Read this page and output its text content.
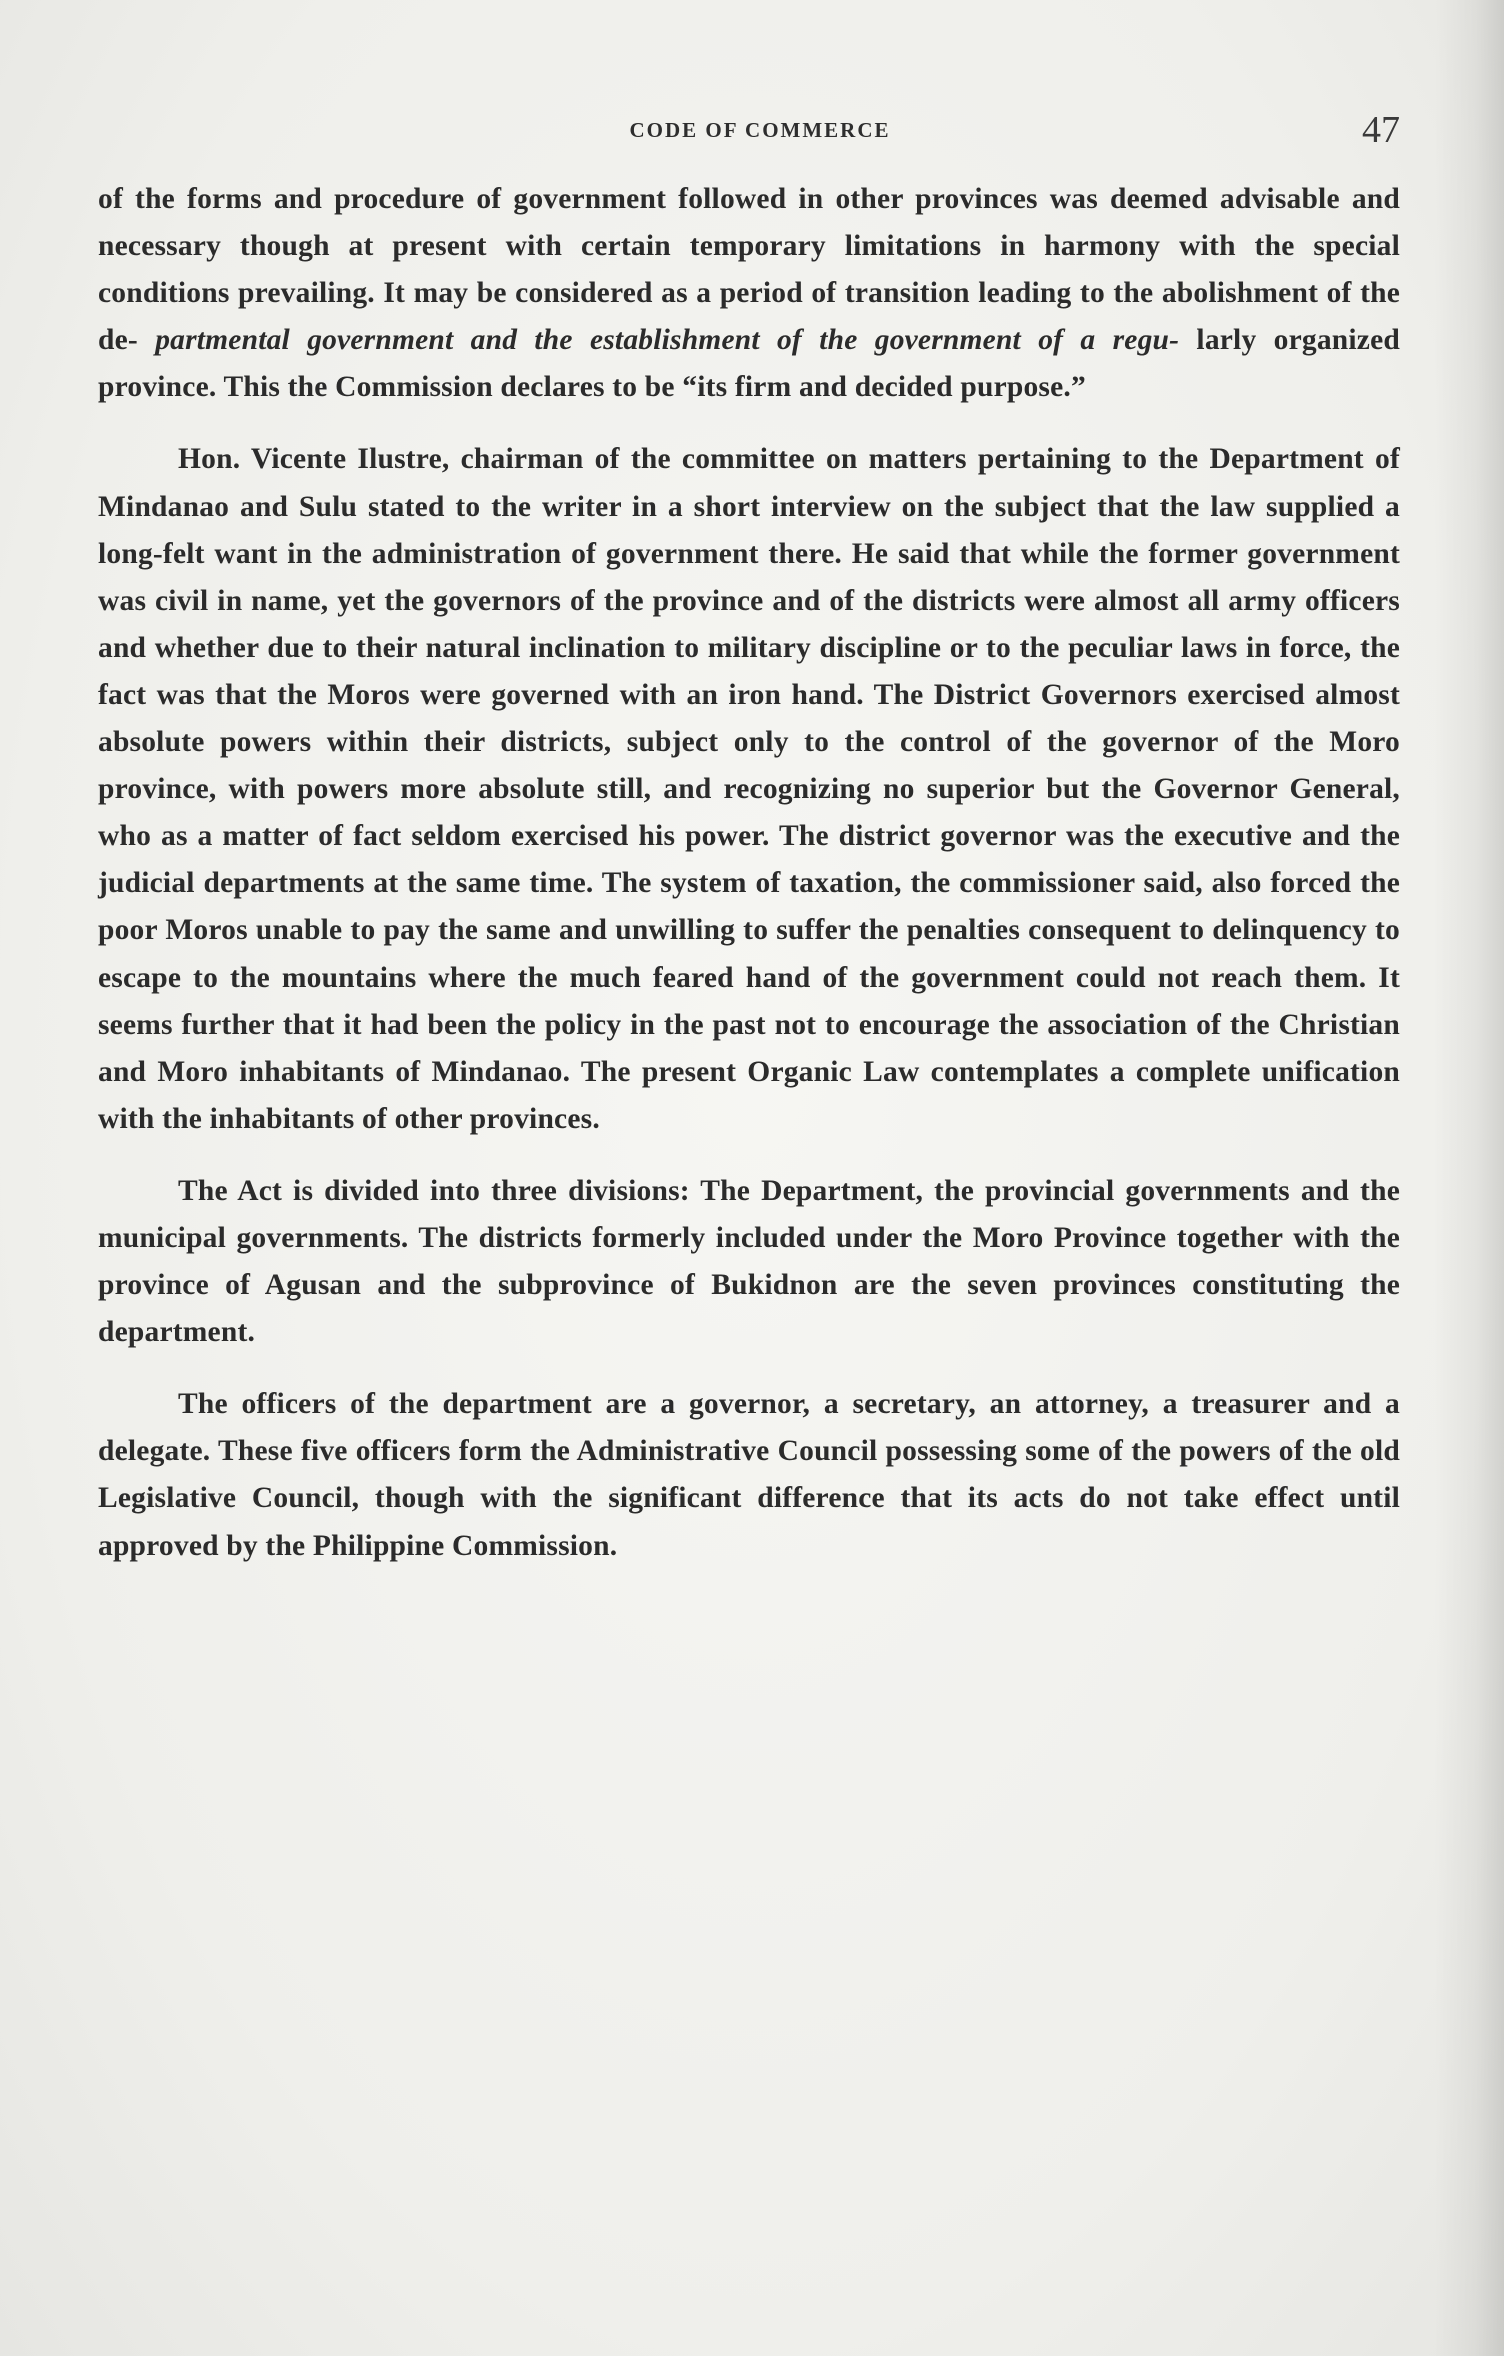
CODE OF COMMERCE	47

of the forms and procedure of government followed in other provinces was deemed advisable and necessary though at present with certain temporary limitations in harmony with the special conditions prevailing. It may be considered as a period of transition leading to the abolishment of the de- partmental government and the establishment of the government of a regu- larly organized province. This the Commission declares to be “its firm and decided purpose.”

Hon. Vicente Ilustre, chairman of the committee on matters pertaining to the Department of Mindanao and Sulu stated to the writer in a short interview on the subject that the law supplied a long-felt want in the administration of government there. He said that while the former government was civil in name, yet the governors of the province and of the districts were almost all army officers and whether due to their natural inclination to military discipline or to the peculiar laws in force, the fact was that the Moros were governed with an iron hand. The District Governors exercised almost absolute powers within their districts, subject only to the control of the governor of the Moro province, with powers more absolute still, and recognizing no superior but the Governor General, who as a matter of fact seldom exercised his power. The district governor was the executive and the judicial departments at the same time. The system of taxation, the commissioner said, also forced the poor Moros unable to pay the same and unwilling to suffer the penalties consequent to delinquency to escape to the mountains where the much feared hand of the government could not reach them. It seems further that it had been the policy in the past not to encourage the association of the Christian and Moro inhabitants of Mindanao. The present Organic Law contemplates a complete unification with the inhabitants of other provinces.

The Act is divided into three divisions: The Department, the provincial governments and the municipal governments. The districts formerly included under the Moro Province together with the province of Agusan and the subprovince of Bukidnon are the seven provinces constituting the department.

The officers of the department are a governor, a secretary, an attorney, a treasurer and a delegate. These five officers form the Administrative Council possessing some of the powers of the old Legislative Council, though with the significant difference that its acts do not take effect until approved by the Philippine Commission.
